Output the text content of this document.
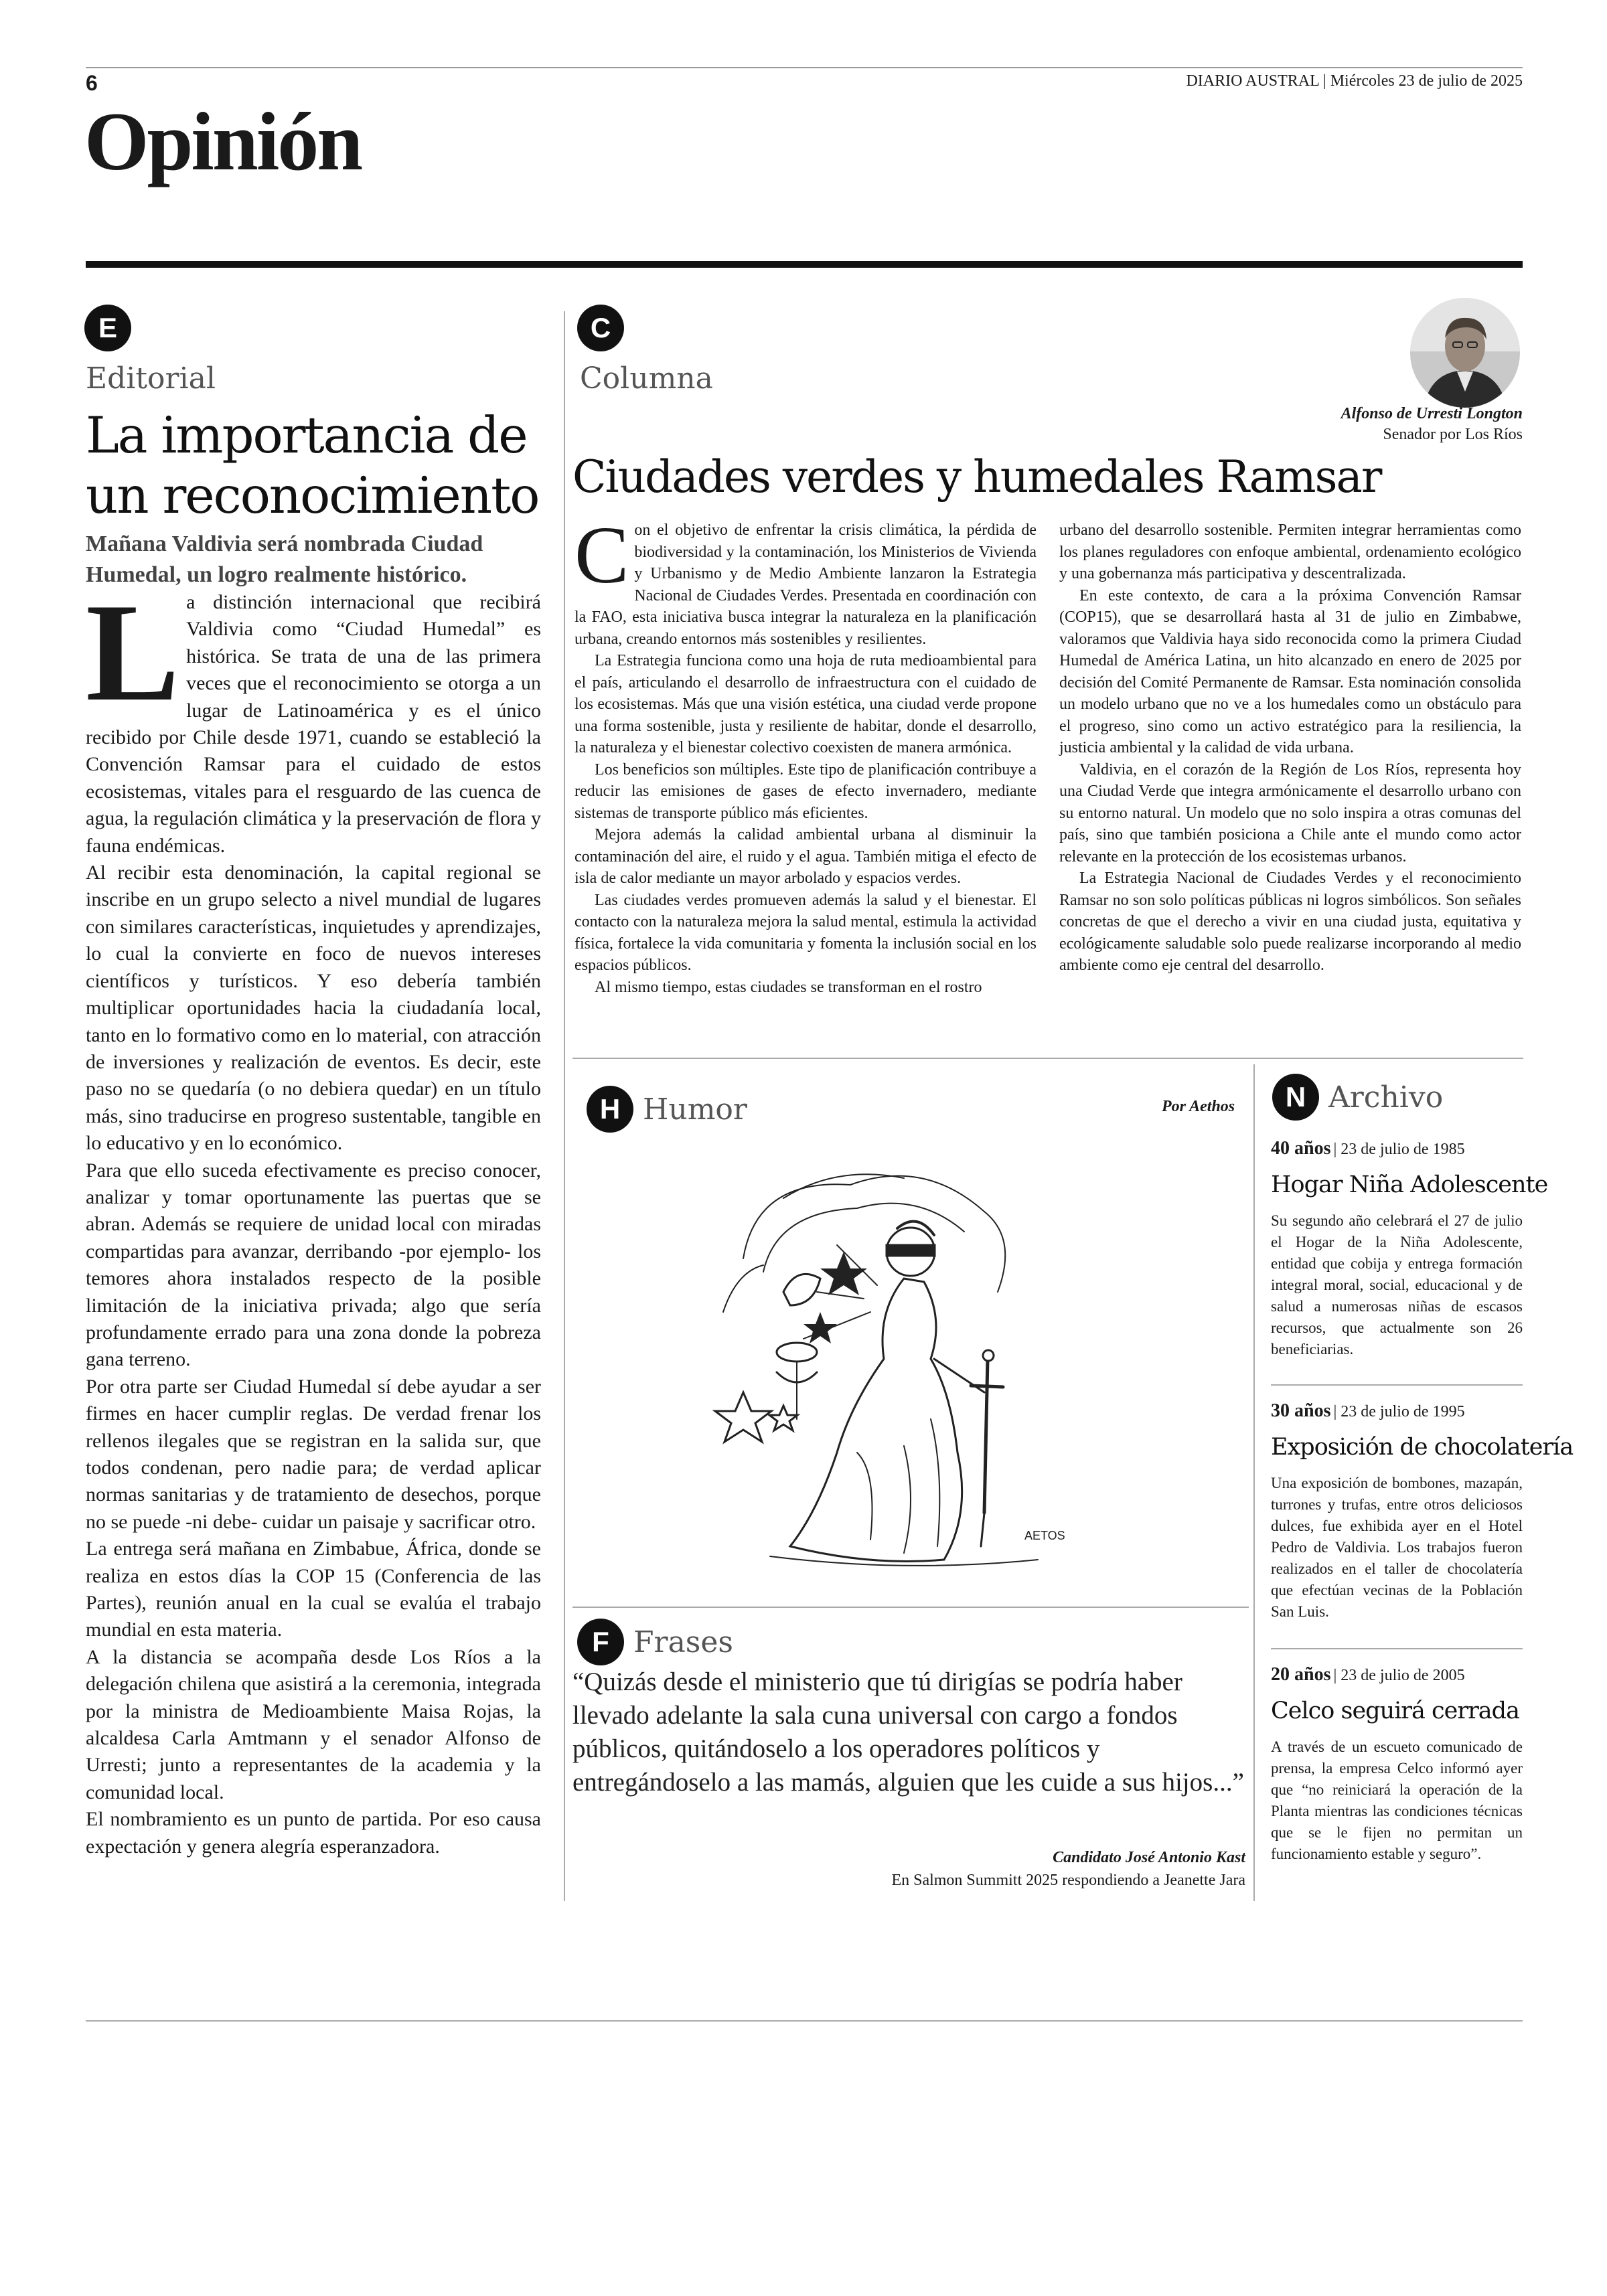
6	DIARIO AUSTRAL | Miércoles 23 de julio de 2025
Opinión
E
Editorial
La importancia de un reconocimiento
Mañana Valdivia será nombrada Ciudad Humedal, un logro realmente histórico.

La distinción internacional que recibirá Valdivia como “Ciudad Humedal” es histórica. Se trata de una de las primera veces que el reconocimiento se otorga a un lugar de Latinoamérica y es el único recibido por Chile desde 1971, cuando se estableció la Convención Ramsar para el cuidado de estos ecosistemas, vitales para el resguardo de las cuenca de agua, la regulación climática y la preservación de flora y fauna endémicas.

Al recibir esta denominación, la capital regional se inscribe en un grupo selecto a nivel mundial de lugares con similares características, inquietudes y aprendizajes, lo cual la convierte en foco de nuevos intereses científicos y turísticos. Y eso debería también multiplicar oportunidades hacia la ciudadanía local, tanto en lo formativo como en lo material, con atracción de inversiones y realización de eventos. Es decir, este paso no se quedaría (o no debiera quedar) en un título más, sino traducirse en progreso sustentable, tangible en lo educativo y en lo económico.

Para que ello suceda efectivamente es preciso conocer, analizar y tomar oportunamente las puertas que se abran. Además se requiere de unidad local con miradas compartidas para avanzar, derribando -por ejemplo- los temores ahora instalados respecto de la posible limitación de la iniciativa privada; algo que sería profundamente errado para una zona donde la pobreza gana terreno.

Por otra parte ser Ciudad Humedal sí debe ayudar a ser firmes en hacer cumplir reglas. De verdad frenar los rellenos ilegales que se registran en la salida sur, que todos condenan, pero nadie para; de verdad aplicar normas sanitarias y de tratamiento de desechos, porque no se puede -ni debe- cuidar un paisaje y sacrificar otro.

La entrega será mañana en Zimbabue, África, donde se realiza en estos días la COP 15 (Conferencia de las Partes), reunión anual en la cual se evalúa el trabajo mundial en esta materia.

A la distancia se acompaña desde Los Ríos a la delegación chilena que asistirá a la ceremonia, integrada por la ministra de Medioambiente Maisa Rojas, la alcaldesa Carla Amtmann y el senador Alfonso de Urresti; junto a representantes de la academia y la comunidad local.

El nombramiento es un punto de partida. Por eso causa expectación y genera alegría esperanzadora.

C
Columna
Alfonso de Urresti Longton
Senador por Los Ríos
Ciudades verdes y humedales Ramsar

Con el objetivo de enfrentar la crisis climática, la pérdida de biodiversidad y la contaminación, los Ministerios de Vivienda y Urbanismo y de Medio Ambiente lanzaron la Estrategia Nacional de Ciudades Verdes. Presentada en coordinación con la FAO, esta iniciativa busca integrar la naturaleza en la planificación urbana, creando entornos más sostenibles y resilientes.

La Estrategia funciona como una hoja de ruta medioambiental para el país, articulando el desarrollo de infraestructura con el cuidado de los ecosistemas. Más que una visión estética, una ciudad verde propone una forma sostenible, justa y resiliente de habitar, donde el desarrollo, la naturaleza y el bienestar colectivo coexisten de manera armónica.

Los beneficios son múltiples. Este tipo de planificación contribuye a reducir las emisiones de gases de efecto invernadero, mediante sistemas de transporte público más eficientes.

Mejora además la calidad ambiental urbana al disminuir la contaminación del aire, el ruido y el agua. También mitiga el efecto de isla de calor mediante un mayor arbolado y espacios verdes.

Las ciudades verdes promueven además la salud y el bienestar. El contacto con la naturaleza mejora la salud mental, estimula la actividad física, fortalece la vida comunitaria y fomenta la inclusión social en los espacios públicos.

Al mismo tiempo, estas ciudades se transforman en el rostro

urbano del desarrollo sostenible. Permiten integrar herramientas como los planes reguladores con enfoque ambiental, ordenamiento ecológico y una gobernanza más participativa y descentralizada.

En este contexto, de cara a la próxima Convención Ramsar (COP15), que se desarrollará hasta al 31 de julio en Zimbabwe, valoramos que Valdivia haya sido reconocida como la primera Ciudad Humedal de América Latina, un hito alcanzado en enero de 2025 por decisión del Comité Permanente de Ramsar. Esta nominación consolida un modelo urbano que no ve a los humedales como un obstáculo para el progreso, sino como un activo estratégico para la resiliencia, la justicia ambiental y la calidad de vida urbana.

Valdivia, en el corazón de la Región de Los Ríos, representa hoy una Ciudad Verde que integra armónicamente el desarrollo urbano con su entorno natural. Un modelo que no solo inspira a otras comunas del país, sino que también posiciona a Chile ante el mundo como actor relevante en la protección de los ecosistemas urbanos.

La Estrategia Nacional de Ciudades Verdes y el reconocimiento Ramsar no son solo políticas públicas ni logros simbólicos. Son señales concretas de que el derecho a vivir en una ciudad justa, equitativa y ecológicamente saludable solo puede realizarse incorporando al medio ambiente como eje central del desarrollo.

H Humor	Por Aethos
AETOS
F Frases
“Quizás desde el ministerio que tú dirigías se podría haber llevado adelante la sala cuna universal con cargo a fondos públicos, quitándoselo a los operadores políticos y entregándoselo a las mamás, alguien que les cuide a sus hijos...”
Candidato José Antonio Kast
En Salmon Summitt 2025 respondiendo a Jeanette Jara
N Archivo
40 años | 23 de julio de 1985
Hogar Niña Adolescente
Su segundo año celebrará el 27 de julio el Hogar de la Niña Adolescente, entidad que cobija y entrega formación integral moral, social, educacional y de salud a numerosas niñas de escasos recursos, que actualmente son 26 beneficiarias.
30 años | 23 de julio de 1995
Exposición de chocolatería
Una exposición de bombones, mazapán, turrones y trufas, entre otros deliciosos dulces, fue exhibida ayer en el Hotel Pedro de Valdivia. Los trabajos fueron realizados en el taller de chocolatería que efectúan vecinas de la Población San Luis.
20 años | 23 de julio de 2005
Celco seguirá cerrada
A través de un escueto comunicado de prensa, la empresa Celco informó ayer que “no reiniciará la operación de la Planta mientras las condiciones técnicas que se le fijen no permitan un funcionamiento estable y seguro”.
